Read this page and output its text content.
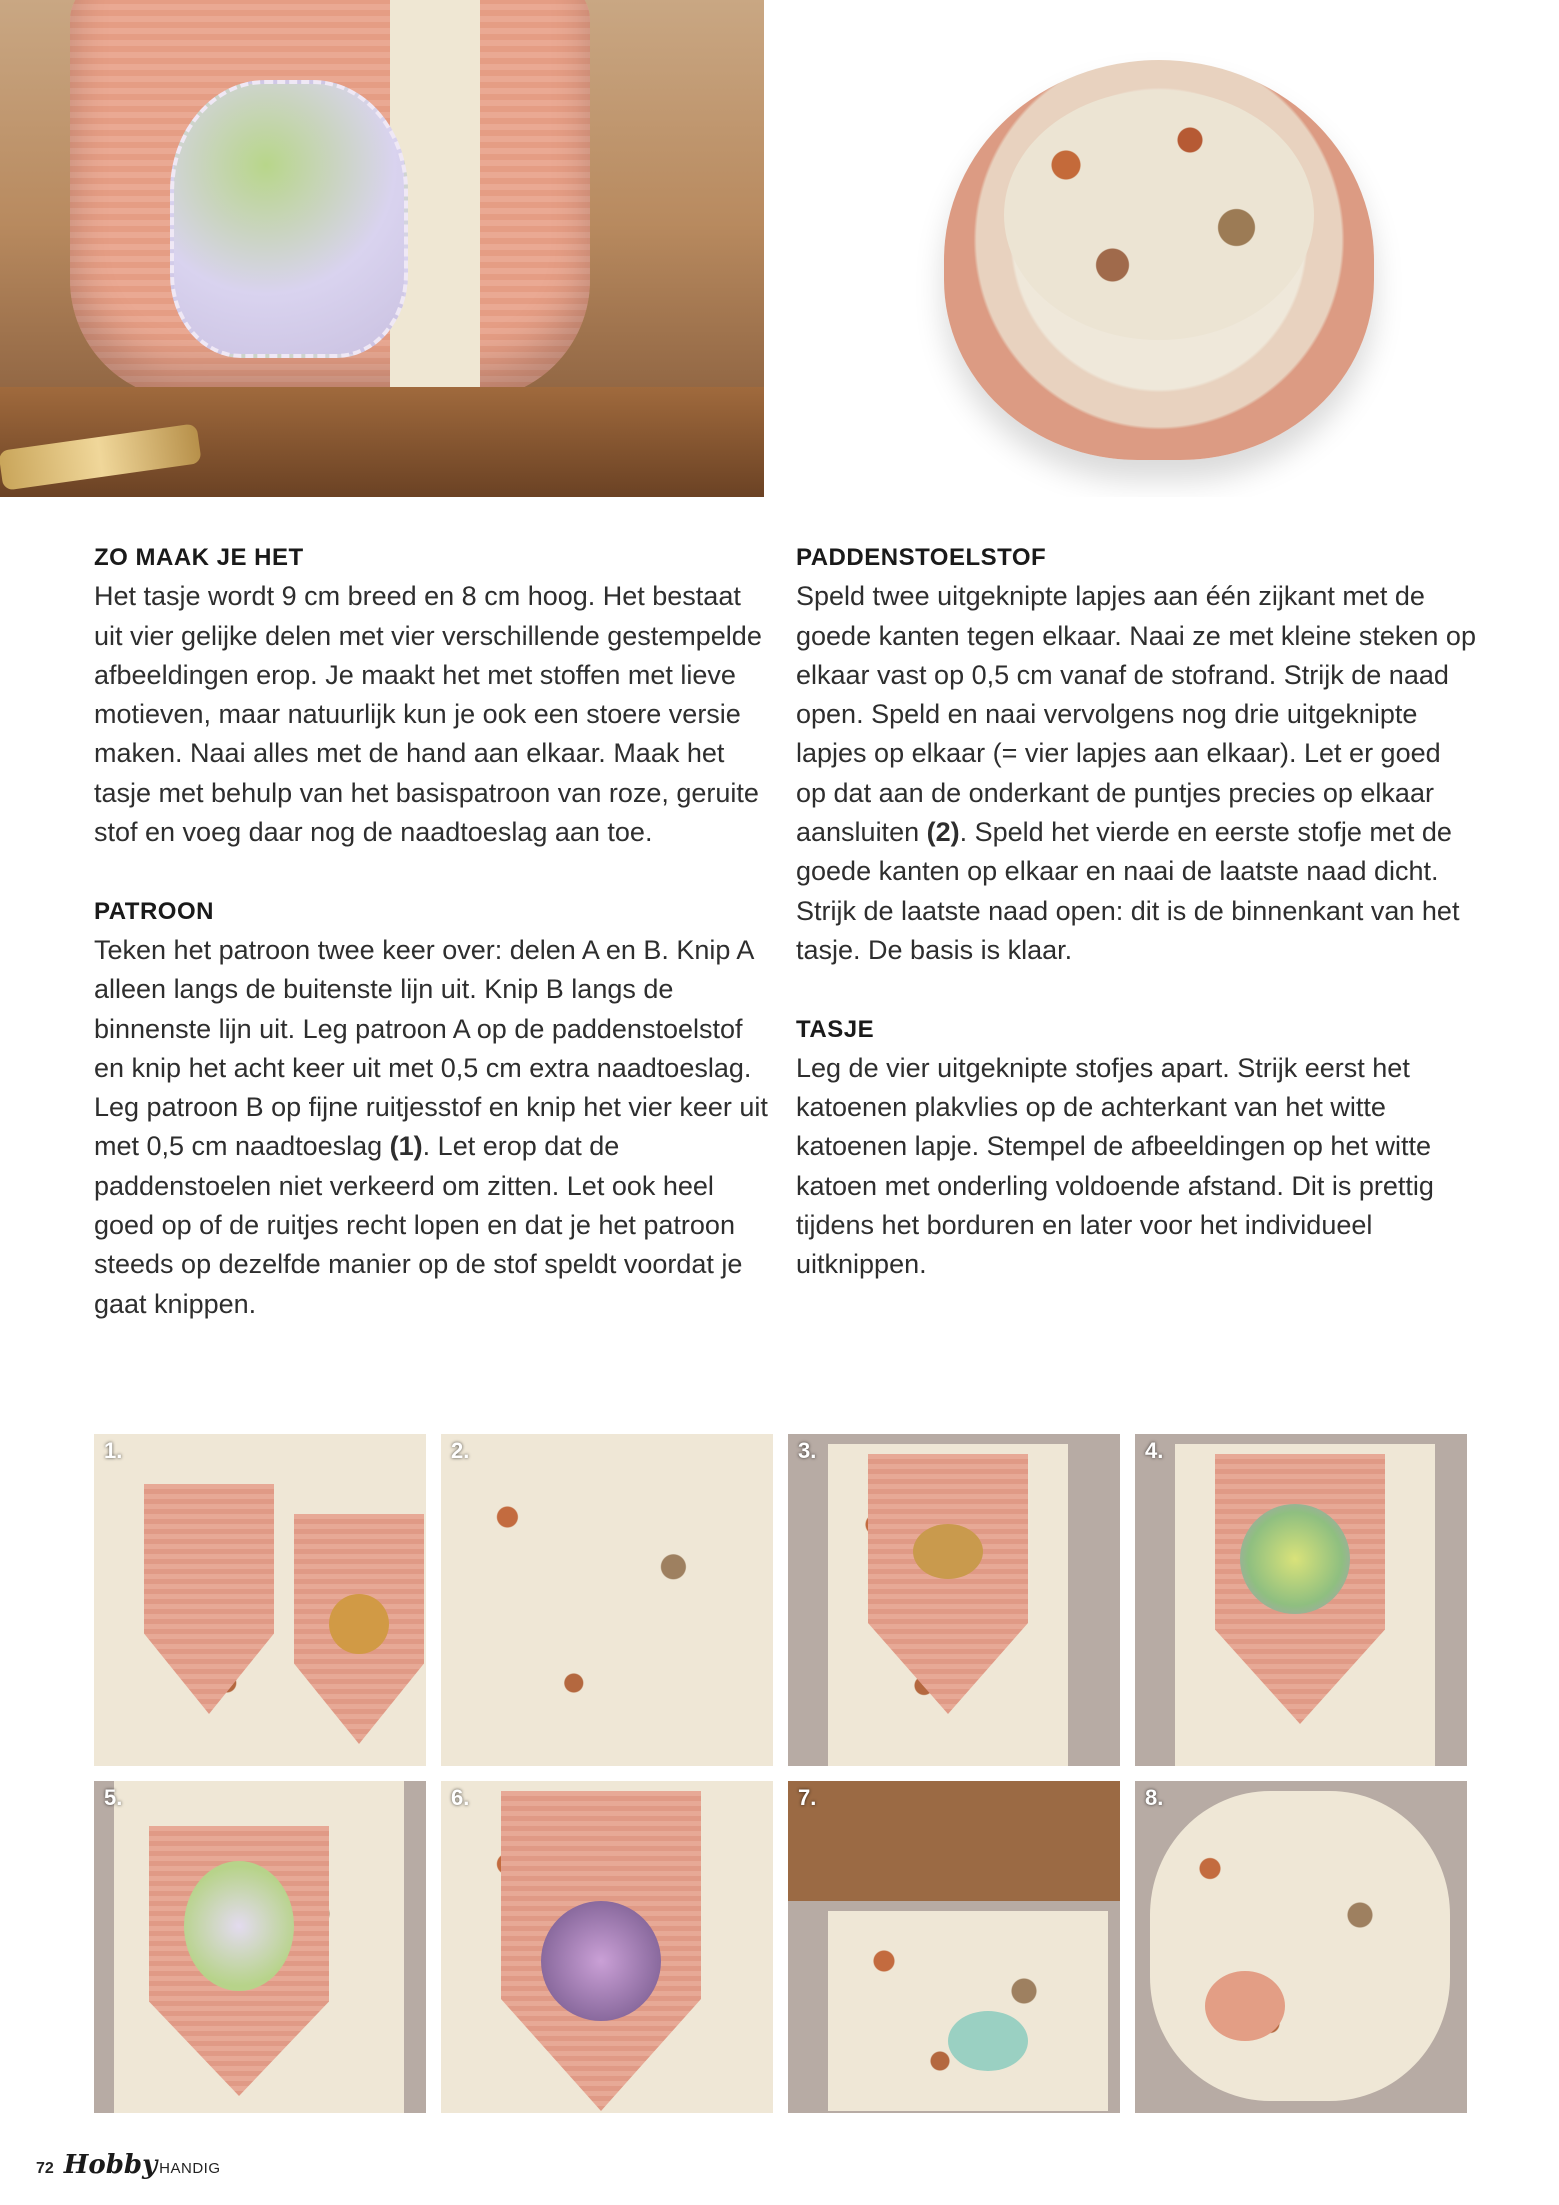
ZO MAAK JE HET

Het tasje wordt 9 cm breed en 8 cm hoog. Het bestaat uit vier gelijke delen met vier verschillende gestempelde afbeeldingen erop. Je maakt het met stoffen met lieve motieven, maar natuurlijk kun je ook een stoere versie maken. Naai alles met de hand aan elkaar. Maak het tasje met behulp van het basispatroon van roze, geruite stof en voeg daar nog de naadtoeslag aan toe.

PATROON

Teken het patroon twee keer over: delen A en B. Knip A alleen langs de buitenste lijn uit. Knip B langs de binnenste lijn uit. Leg patroon A op de paddenstoelstof en knip het acht keer uit met 0,5 cm extra naadtoeslag. Leg patroon B op fijne ruitjesstof en knip het vier keer uit met 0,5 cm naadtoeslag (1). Let erop dat de paddenstoelen niet verkeerd om zitten. Let ook heel goed op of de ruitjes recht lopen en dat je het patroon steeds op dezelfde manier op de stof speldt voordat je gaat knippen.

PADDENSTOELSTOF

Speld twee uitgeknipte lapjes aan één zijkant met de goede kanten tegen elkaar. Naai ze met kleine steken op elkaar vast op 0,5 cm vanaf de stofrand. Strijk de naad open. Speld en naai vervolgens nog drie uitgeknipte lapjes op elkaar (= vier lapjes aan elkaar). Let er goed op dat aan de onderkant de puntjes precies op elkaar aansluiten (2). Speld het vierde en eerste stofje met de goede kanten op elkaar en naai de laatste naad dicht. Strijk de laatste naad open: dit is de binnenkant van het tasje. De basis is klaar.

TASJE

Leg de vier uitgeknipte stofjes apart. Strijk eerst het katoenen plakvlies op de achterkant van het witte katoenen lapje. Stempel de afbeeldingen op het witte katoen met onderling voldoende afstand. Dit is prettig tijdens het borduren en later voor het individueel uitknippen.

1.	2.	3.	4.
5.	6.	7.	8.
72 Hobby HANDIG
